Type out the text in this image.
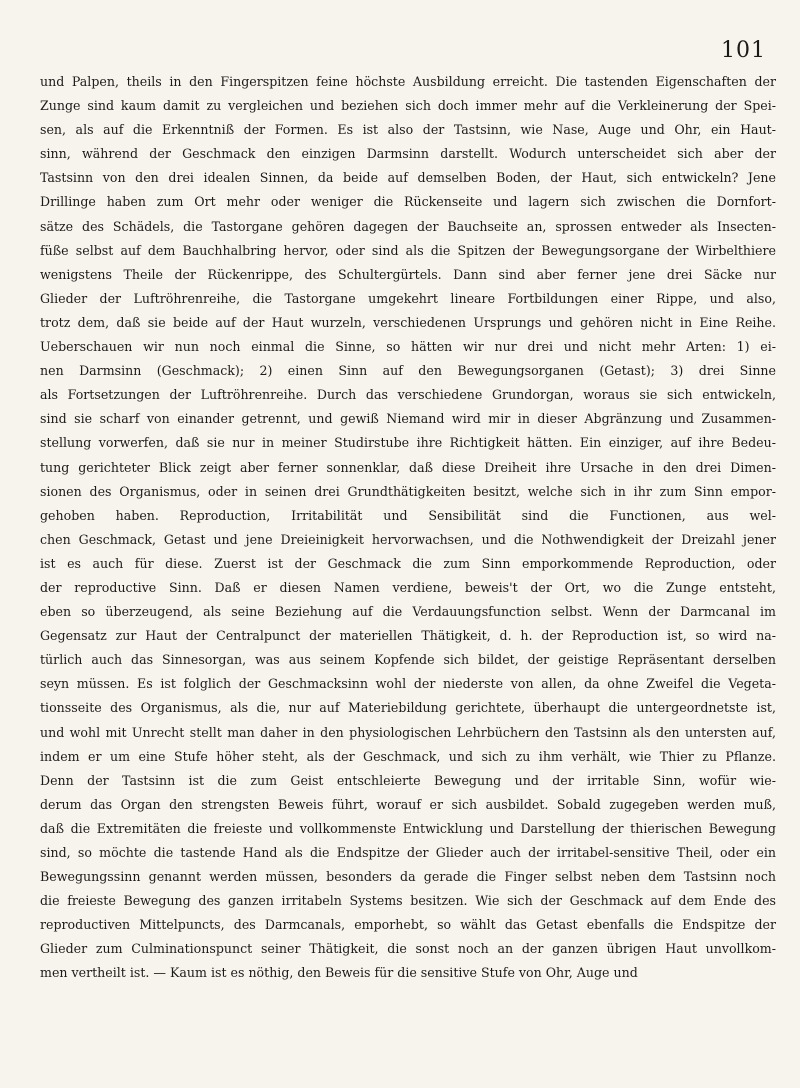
101
und Palpen, theils in den Fingerspitzen feine höchste Ausbildung erreicht. Die tastenden Eigenschaften der
Zunge sind kaum damit zu vergleichen und beziehen sich doch immer mehr auf die Verkleinerung der Spei-
sen, als auf die Erkenntniß der Formen. Es ist also der Tastsinn, wie Nase, Auge und Ohr, ein Haut-
sinn, während der Geschmack den einzigen Darmsinn darstellt. Wodurch unterscheidet sich aber der
Tastsinn von den drei idealen Sinnen, da beide auf demselben Boden, der Haut, sich entwickeln? Jene
Drillinge haben zum Ort mehr oder weniger die Rückenseite und lagern sich zwischen die Dornfort-
sätze des Schädels, die Tastorgane gehören dagegen der Bauchseite an, sprossen entweder als Insecten-
füße selbst auf dem Bauchhalbring hervor, oder sind als die Spitzen der Bewegungsorgane der Wirbelthiere
wenigstens Theile der Rückenrippe, des Schultergürtels. Dann sind aber ferner jene drei Säcke nur
Glieder der Luftröhrenreihe, die Tastorgane umgekehrt lineare Fortbildungen einer Rippe, und also,
trotz dem, daß sie beide auf der Haut wurzeln, verschiedenen Ursprungs und gehören nicht in Eine Reihe.
Ueberschauen wir nun noch einmal die Sinne, so hätten wir nur drei und nicht mehr Arten: 1) ei-
nen Darmsinn (Geschmack); 2) einen Sinn auf den Bewegungsorganen (Getast); 3) drei Sinne
als Fortsetzungen der Luftröhrenreihe. Durch das verschiedene Grundorgan, woraus sie sich entwickeln,
sind sie scharf von einander getrennt, und gewiß Niemand wird mir in dieser Abgränzung und Zusammen-
stellung vorwerfen, daß sie nur in meiner Studirstube ihre Richtigkeit hätten. Ein einziger, auf ihre Bedeu-
tung gerichteter Blick zeigt aber ferner sonnenklar, daß diese Dreiheit ihre Ursache in den drei Dimen-
sionen des Organismus, oder in seinen drei Grundthätigkeiten besitzt, welche sich in ihr zum Sinn empor-
gehoben haben. Reproduction, Irritabilität und Sensibilität sind die Functionen, aus wel-
chen Geschmack, Getast und jene Dreieinigkeit hervorwachsen, und die Nothwendigkeit der Dreizahl jener
ist es auch für diese. Zuerst ist der Geschmack die zum Sinn emporkommende Reproduction, oder
der reproductive Sinn. Daß er diesen Namen verdiene, beweis't der Ort, wo die Zunge entsteht,
eben so überzeugend, als seine Beziehung auf die Verdauungsfunction selbst. Wenn der Darmcanal im
Gegensatz zur Haut der Centralpunct der materiellen Thätigkeit, d. h. der Reproduction ist, so wird na-
türlich auch das Sinnesorgan, was aus seinem Kopfende sich bildet, der geistige Repräsentant derselben
seyn müssen. Es ist folglich der Geschmacksinn wohl der niederste von allen, da ohne Zweifel die Vegeta-
tionsseite des Organismus, als die, nur auf Materiebildung gerichtete, überhaupt die untergeordnetste ist,
und wohl mit Unrecht stellt man daher in den physiologischen Lehrbüchern den Tastsinn als den untersten auf,
indem er um eine Stufe höher steht, als der Geschmack, und sich zu ihm verhält, wie Thier zu Pflanze.
Denn der Tastsinn ist die zum Geist entschleierte Bewegung und der irritable Sinn, wofür wie-
derum das Organ den strengsten Beweis führt, worauf er sich ausbildet. Sobald zugegeben werden muß,
daß die Extremitäten die freieste und vollkommenste Entwicklung und Darstellung der thierischen Bewegung
sind, so möchte die tastende Hand als die Endspitze der Glieder auch der irritabel-sensitive Theil, oder ein
Bewegungssinn genannt werden müssen, besonders da gerade die Finger selbst neben dem Tastsinn noch
die freieste Bewegung des ganzen irritabeln Systems besitzen. Wie sich der Geschmack auf dem Ende des
reproductiven Mittelpuncts, des Darmcanals, emporhebt, so wählt das Getast ebenfalls die Endspitze der
Glieder zum Culminationspunct seiner Thätigkeit, die sonst noch an der ganzen übrigen Haut unvollkom-
men vertheilt ist. — Kaum ist es nöthig, den Beweis für die sensitive Stufe von Ohr, Auge und
